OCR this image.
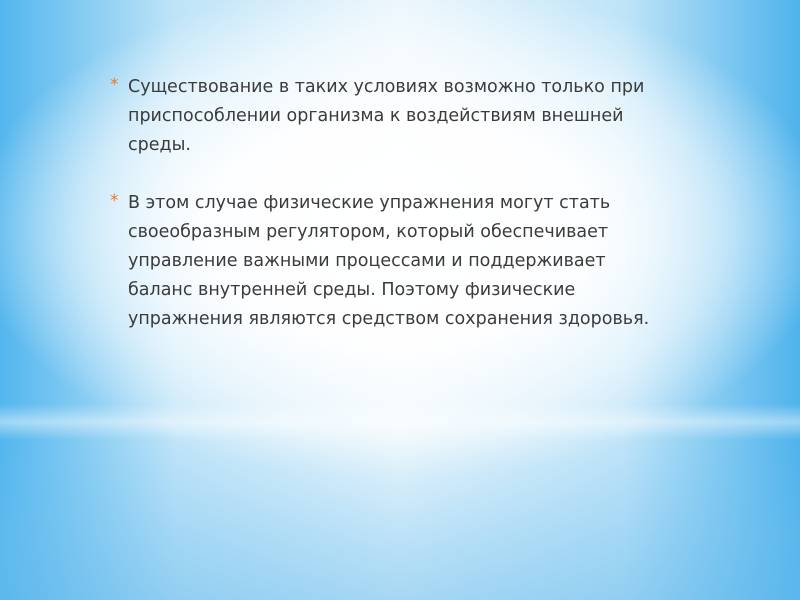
* Существование в таких условиях возможно только при приспособлении организма к воздействиям внешней среды.

* В этом случае физические упражнения могут стать своеобразным регулятором, который обеспечивает управление важными процессами и поддерживает баланс внутренней среды. Поэтому физические упражнения являются средством сохранения здоровья.
